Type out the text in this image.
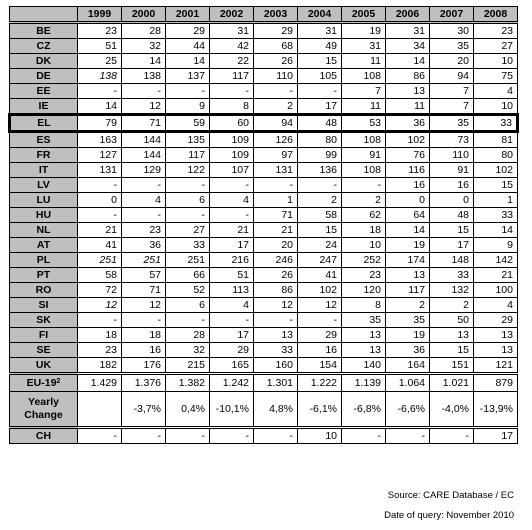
	1999	2000	2001	2002	2003	2004	2005	2006	2007	2008
BE	23	28	29	31	29	31	19	31	30	23
CZ	51	32	44	42	68	49	31	34	35	27
DK	25	14	14	22	26	15	11	14	20	10
DE	138	138	137	117	110	105	108	86	94	75
EE	-	-	-	-	-	-	7	13	7	4
IE	14	12	9	8	2	17	11	11	7	10
EL	79	71	59	60	94	48	53	36	35	33
ES	163	144	135	109	126	80	108	102	73	81
FR	127	144	117	109	97	99	91	76	110	80
IT	131	129	122	107	131	136	108	116	91	102
LV	-	-	-	-	-	-	-	16	16	15
LU	0	4	6	4	1	2	2	0	0	1
HU	-	-	-	-	71	58	62	64	48	33
NL	21	23	27	21	21	15	18	14	15	14
AT	41	36	33	17	20	24	10	19	17	9
PL	251	251	251	216	246	247	252	174	148	142
PT	58	57	66	51	26	41	23	13	33	21
RO	72	71	52	113	86	102	120	117	132	100
SI	12	12	6	4	12	12	8	2	2	4
SK	-	-	-	-	-	-	35	35	50	29
FI	18	18	28	17	13	29	13	19	13	13
SE	23	16	32	29	33	16	13	36	15	13
UK	182	176	215	165	160	154	140	164	151	121
$EU-19^2$	1.429	1.376	1.382	1.242	1.301	1.222	1.139	1.064	1.021	879
Yearly Change		-3,7%	0,4%	-10,1%	4,8%	-6,1%	-6,8%	-6,6%	-4,0%	-13,9%
CH	-	-	-	-	-	10	-	-	-	17
Source: CARE Database / EC
Date of query: November 2010
